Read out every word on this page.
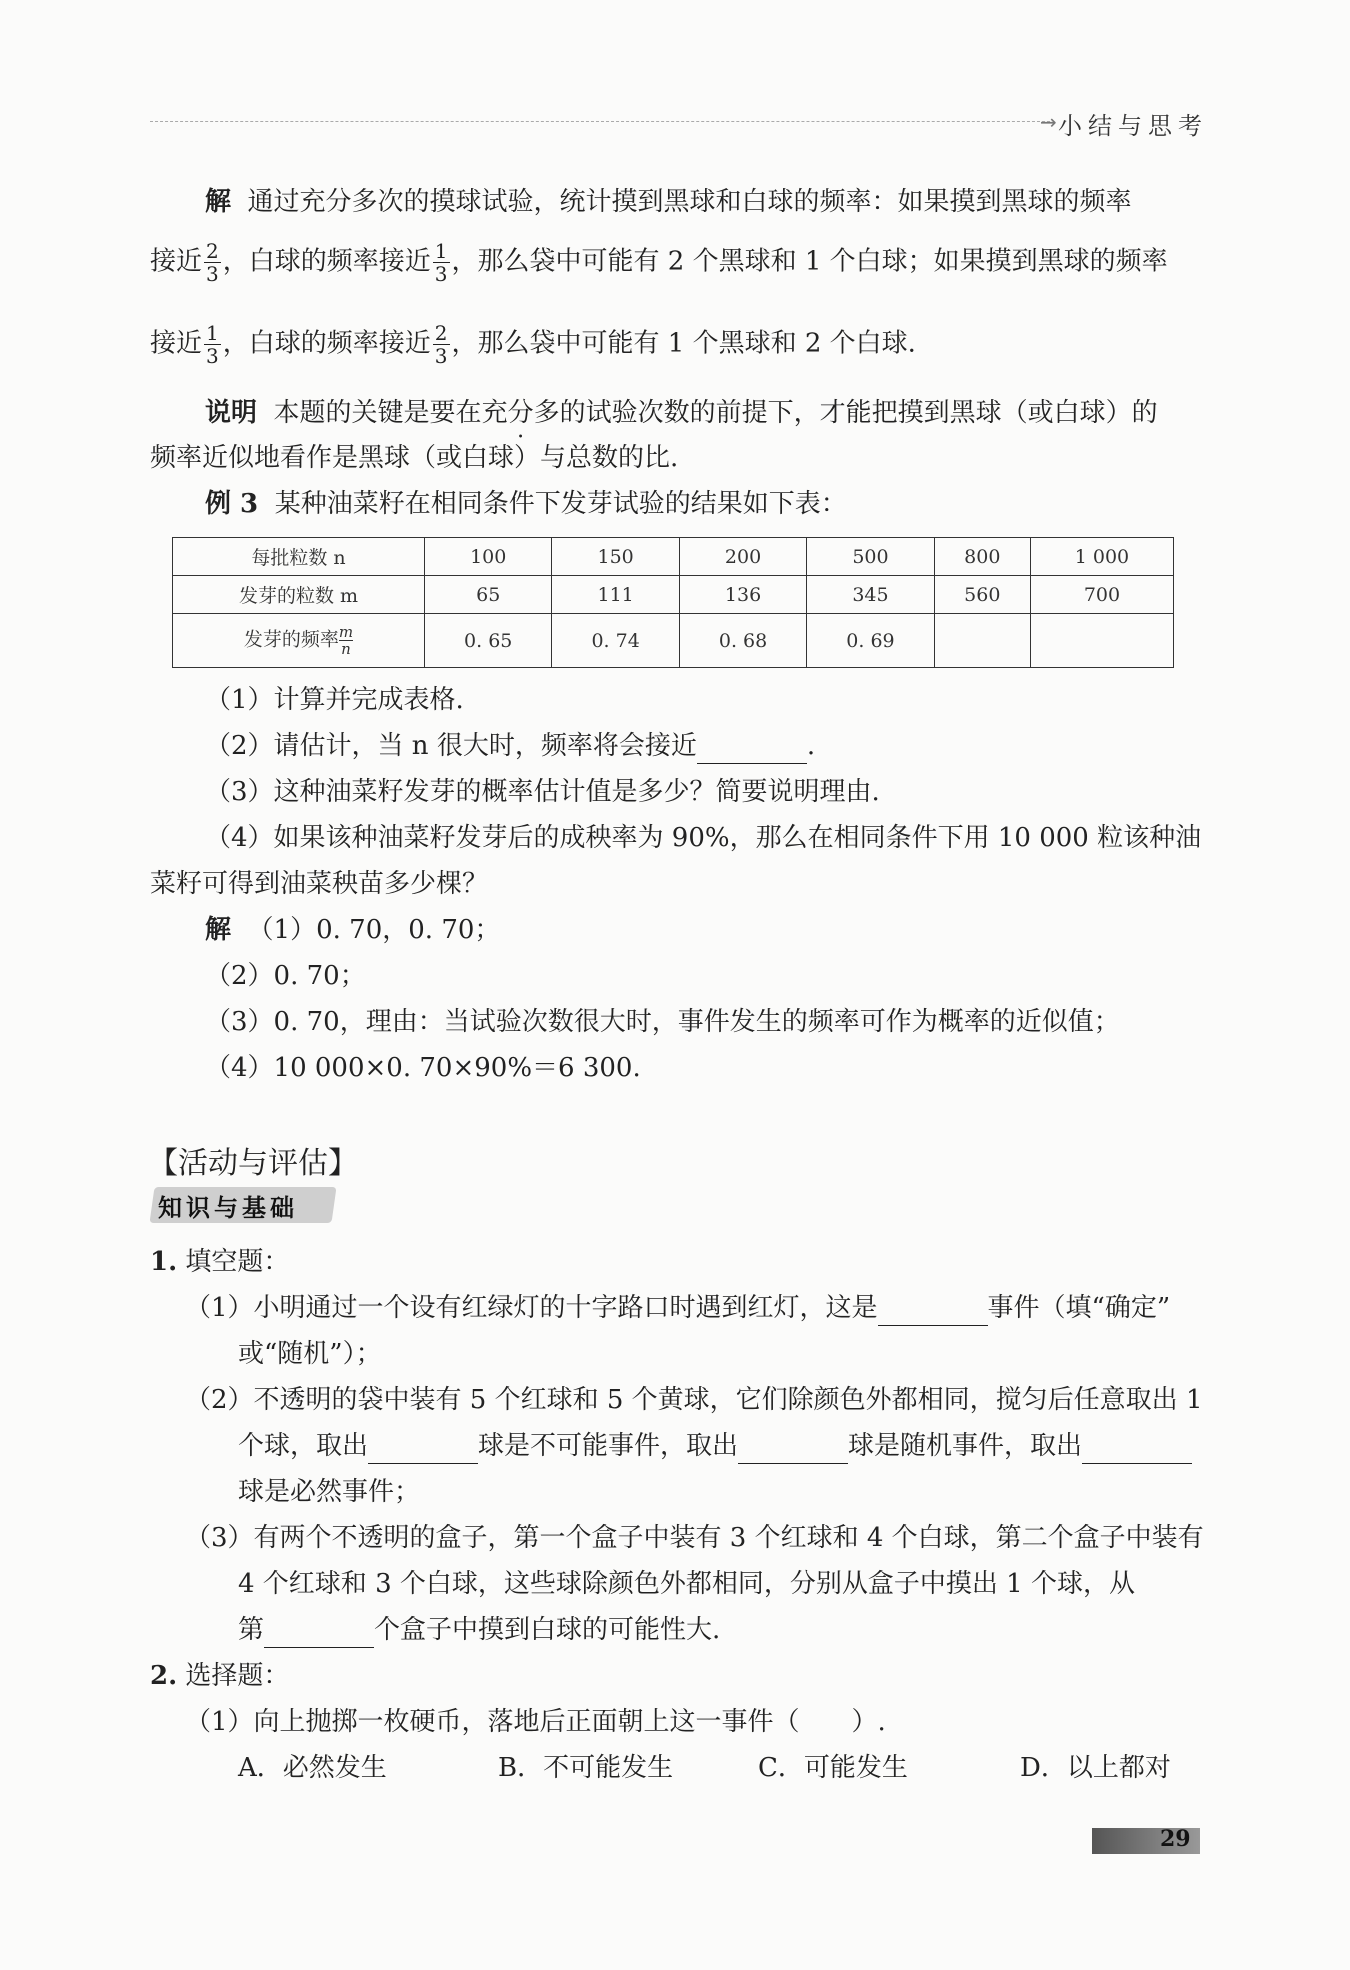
→ 小结与思考
解 通过充分多次的摸球试验，统计摸到黑球和白球的频率：如果摸到黑球的频率
接近 $\frac{2}{3}$ ，白球的频率接近 $\frac{1}{3}$ ，那么袋中可能有 2 个黑球和 1 个白球；如果摸到黑球的频率
接近 $\frac{1}{3}$ ，白球的频率接近 $\frac{2}{3}$ ，那么袋中可能有 1 个黑球和 2 个白球.
说明 本题的关键是要在充分多的试验次数的前提下，才能把摸到黑球（或白球）的
频率近似地看作是黑球（或白球）与总数的比.
例 3 某种油菜籽在相同条件下发芽试验的结果如下表：
每批粒数 n	100	150	200	500	800	1 000
发芽的粒数 m	65	111	136	345	560	700
发芽的频率 $\frac{m}{n}$	0. 65	0. 74	0. 68	0. 69		
（1）计算并完成表格.
（2）请估计，当 n 很大时，频率将会接近	.
（3）这种油菜籽发芽的概率估计值是多少？简要说明理由.
（4）如果该种油菜籽发芽后的成秧率为 90%，那么在相同条件下用 10 000 粒该种油
菜籽可得到油菜秧苗多少棵？
解 （1）0. 70，0. 70；
（2）0. 70；
（3）0. 70，理由：当试验次数很大时，事件发生的频率可作为概率的近似值；
（4）10 000×0. 70×90%＝6 300.
【活动与评估】
知识与基础
1. 填空题：
（1）小明通过一个设有红绿灯的十字路口时遇到红灯，这是	事件（填“确定”
或“随机”）；
（2）不透明的袋中装有 5 个红球和 5 个黄球，它们除颜色外都相同，搅匀后任意取出 1
个球，取出	球是不可能事件，取出	球是随机事件，取出
球是必然事件；
（3）有两个不透明的盒子，第一个盒子中装有 3 个红球和 4 个白球，第二个盒子中装有
4 个红球和 3 个白球，这些球除颜色外都相同，分别从盒子中摸出 1 个球，从
第	个盒子中摸到白球的可能性大.
2. 选择题：
（1）向上抛掷一枚硬币，落地后正面朝上这一事件（　　）.
A．必然发生	B．不可能发生	C．可能发生	D．以上都对
29
